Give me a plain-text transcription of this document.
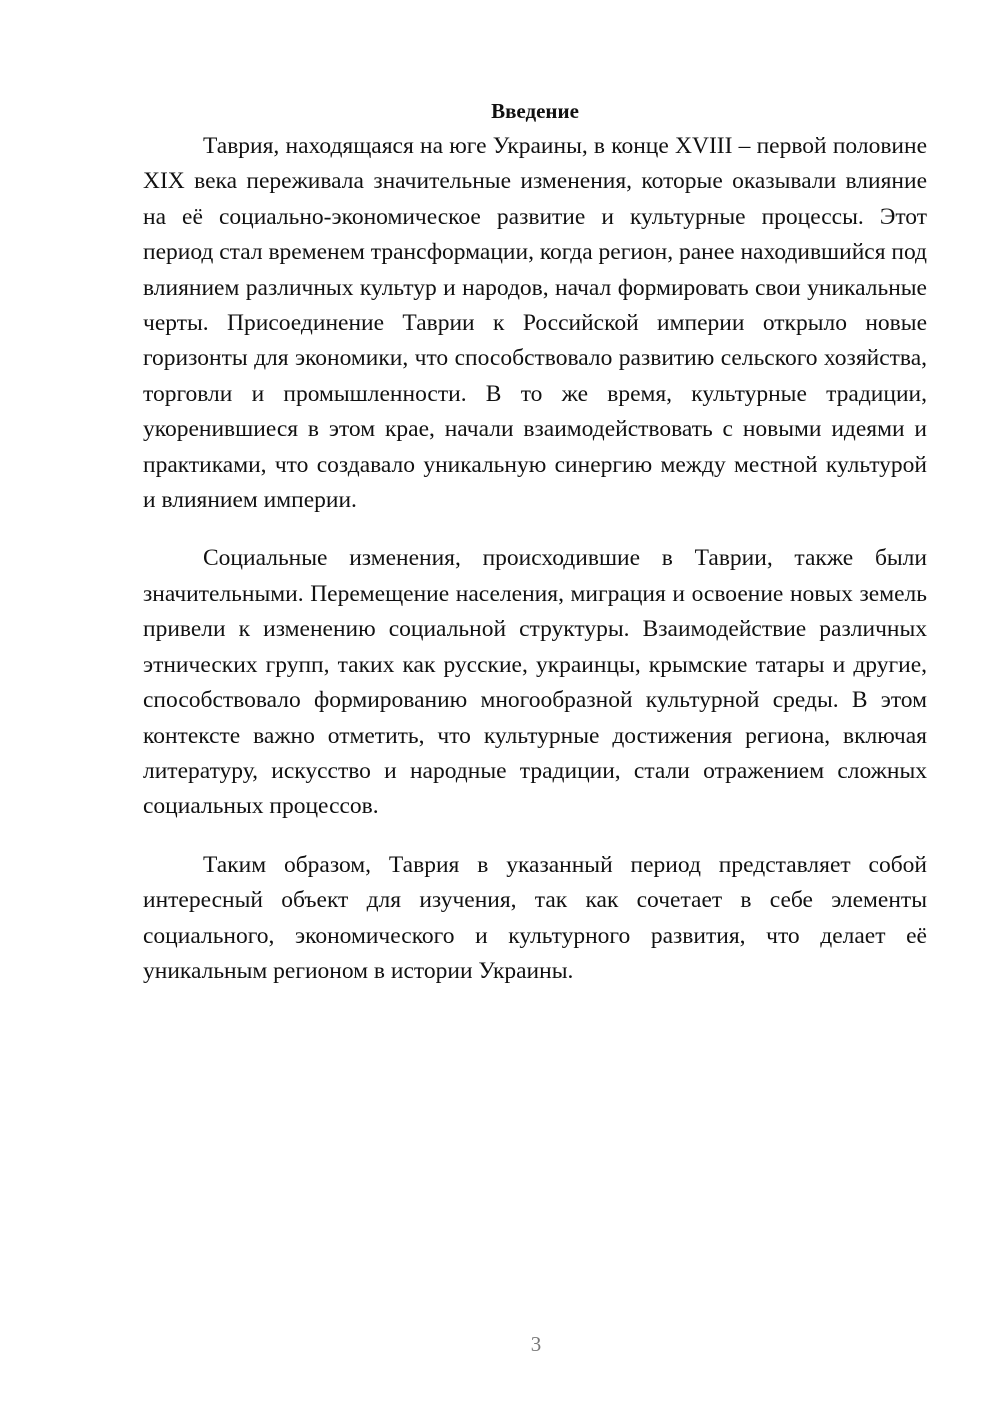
Введение

Таврия, находящаяся на юге Украины, в конце XVIII – первой половине XIX века переживала значительные изменения, которые оказывали влияние на её социально-экономическое развитие и культурные процессы. Этот период стал временем трансформации, когда регион, ранее находившийся под влиянием различных культур и народов, начал формировать свои уникальные черты. Присоединение Таврии к Российской империи открыло новые горизонты для экономики, что способствовало развитию сельского хозяйства, торговли и промышленности. В то же время, культурные традиции, укоренившиеся в этом крае, начали взаимодействовать с новыми идеями и практиками, что создавало уникальную синергию между местной культурой и влиянием империи.

Социальные изменения, происходившие в Таврии, также были значительными. Перемещение населения, миграция и освоение новых земель привели к изменению социальной структуры. Взаимодействие различных этнических групп, таких как русские, украинцы, крымские татары и другие, способствовало формированию многообразной культурной среды. В этом контексте важно отметить, что культурные достижения региона, включая литературу, искусство и народные традиции, стали отражением сложных социальных процессов.

Таким образом, Таврия в указанный период представляет собой интересный объект для изучения, так как сочетает в себе элементы социального, экономического и культурного развития, что делает её уникальным регионом в истории Украины.

3
